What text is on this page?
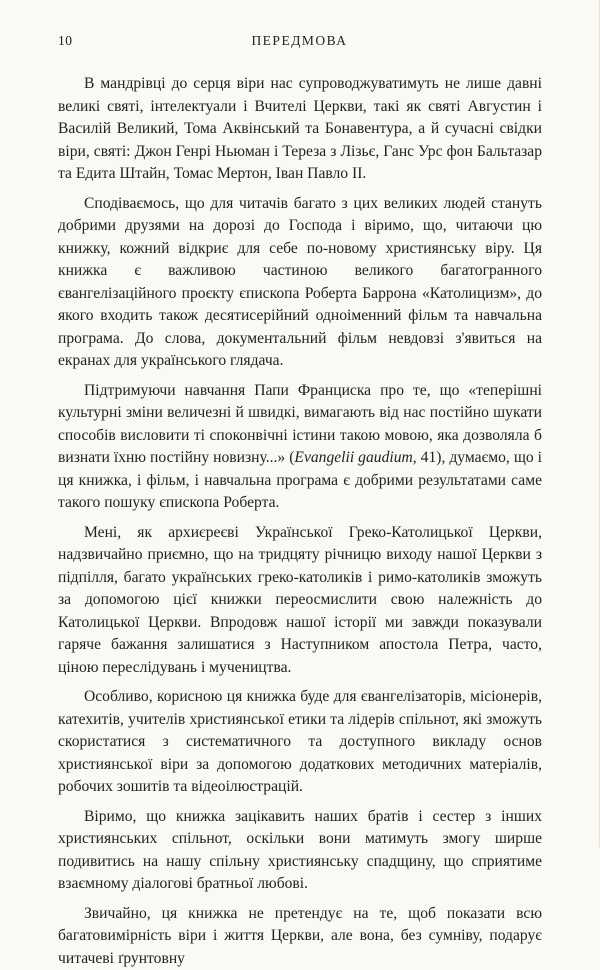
10	ПЕРЕДМОВА

В мандрівці до серця віри нас супроводжуватимуть не лише давні великі святі, інтелектуали і Вчителі Церкви, такі як святі Августин і Василій Великий, Тома Аквінський та Бонавентура, а й сучасні свідки віри, святі: Джон Генрі Ньюман і Тереза з Лізьє, Ганс Урс фон Бальтазар та Едита Штайн, Томас Мертон, Іван Павло II.

Сподіваємось, що для читачів багато з цих великих людей стануть добрими друзями на дорозі до Господа і віримо, що, читаючи цю книжку, кожний відкриє для себе по-новому християнську віру. Ця книжка є важливою частиною великого багатогранного євангелізаційного проєкту єпископа Роберта Баррона «Католицизм», до якого входить також десятисерійний одноіменний фільм та навчальна програма. До слова, документальний фільм невдовзі з'явиться на екранах для українського глядача.

Підтримуючи навчання Папи Франциска про те, що «теперішні культурні зміни величезні й швидкі, вимагають від нас постійно шукати способів висловити ті споконвічні істини такою мовою, яка дозволяла б визнати їхню постійну новизну...» (Evangelii gaudium, 41), думаємо, що і ця книжка, і фільм, і навчальна програма є добрими результатами саме такого пошуку єпископа Роберта.

Мені, як архиєреєві Української Греко-Католицької Церкви, надзвичайно приємно, що на тридцяту річницю виходу нашої Церкви з підпілля, багато українських греко-католиків і римо-католиків зможуть за допомогою цієї книжки переосмислити свою належність до Католицької Церкви. Впродовж нашої історії ми завжди показували гаряче бажання залишатися з Наступником апостола Петра, часто, ціною переслідувань і мучеництва.

Особливо, корисною ця книжка буде для євангелізаторів, місіонерів, катехитів, учителів християнської етики та лідерів спільнот, які зможуть скористатися з систематичного та доступного викладу основ християнської віри за допомогою додаткових методичних матеріалів, робочих зошитів та відеоілюстрацій.

Віримо, що книжка зацікавить наших братів і сестер з інших християнських спільнот, оскільки вони матимуть змогу ширше подивитись на нашу спільну християнську спадщину, що сприятиме взаємному діалогові братньої любові.

Звичайно, ця книжка не претендує на те, щоб показати всю багатовимірність віри і життя Церкви, але вона, без сумніву, подарує читачеві ґрунтовну
